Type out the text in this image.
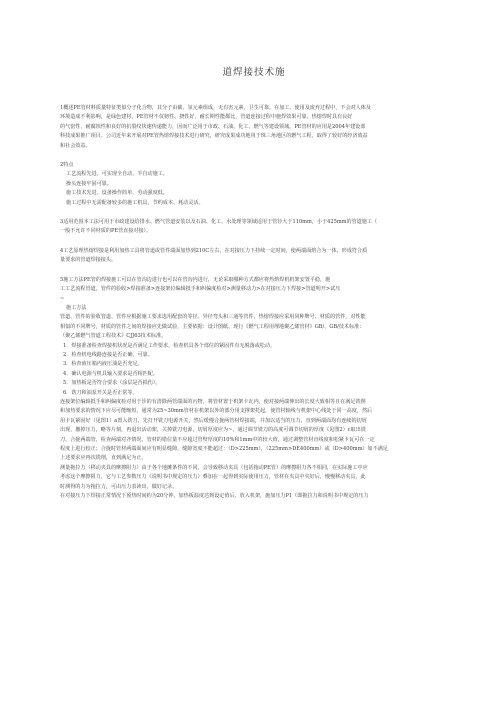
道焊接技术施

1概述PE管材料质量特征类似分子化合物，其分子由碳、氢元素组成，无有害元素，卫生可靠。在加工、使用及废弃过程中，不会对人体及

环境造成不利影响，是绿色建材。PE管材不仅韧性、挠性好，耐长期性能都比，管道连接过程中施焊效果可靠，热熔焊时具有良好

的气密性，耐腐蚀性和良好的抗裂纹快速传递能力，因而广泛用于市政、石油、化工、燃气等建设领域。PE管材的应用是2004年建设部

科技成果推广项目。公司近年来开展对PE管热熔焊接技术进行研究，研究成果成功地用于珠三角地区的燃气工程，取得了较好的经济效益

和社会效益。

2特点

工艺流程先进，可实现全自动，半自动施工。

操头连接牢固可靠。

施工技术先进，设备操作简单，劳动强度低。

施工过程中无需配备较多的施工机具，节约成本、耗动灵活。

3适用范围本工法可用于市政建设给排水、燃气管道安装以及石油、化工、水处理等领域适用于管径大于110mm，小于425mm的管道施工（

一般不允许不同材质的PE管直接对接）。

4工艺原理热熔焊接是利用加热工具将管道或管件端面加热到210C左右，在对接压力下持续一定时间，使两端面熔合为一体，形成符合质

量要求的管道焊接接头。

5施工方法PE管的焊接施工可以在管沟边进行也可以在管沟内进行，无论采取哪种方式都应将热熔焊机机架安置平稳，施

工工艺流程管道，管件的验收>焊接准备>连接架位编辑抵手和纠偏度检对>测量移动力>在对接压力下焊接>管道明开>试压

~

施工方法

管道、管件的验收管道、管件应根据施工要求选用配套的等径、异径弯头和三通等管件，热熔焊接应采用同种牌号、材质的管件，对性能

相似的不同牌号，材质的管件之间的焊接应先做试验，主要依据：设计图纸、现行《燃气工程用埋地聚乙烯管材》GB/、GB/技术标准：

（聚乙烯燃气管道工程技术》CJJ63技术标准。

1．焊接准备检查焊接机状况是否满足工作要求，检查机具各个部位的紧固件有无脱落或松动。

2．检查机电线路连接是否正确，可靠。

3．检查液压箱内液压油是否充足。

4．确认电源与机具输入要求是否相匹配。

5．加热板是否符合要求（涂层是否损伤）。

6．铣刀和油泵开关是否正常等。

连接架位编辑抵手和纠偏度检对用于诊的有清除两管端面的污物，将管材置于机架卡瓦内，使对接两端伸出的长度大致相等且在满足铣削

和加热要求的情况下应尽可能缩短，通常为25~30mm管材在机架以外的部分用支撑架托起，使管材轴线与机架中心线处于同一高度，然后

用卡瓦紧固好（见图1）a置入铣刀，先打开铣刀电源开关，然后缓慢合拢两管材焊接端，并加以适当的压力，直到两端面均有连续的切屑

出现，撤掉压力，略等片刻，再退出活动架，关掉铣刀电源，切屑厚度应为~，通过调节铣刀的高度可调节切屑的厚度《见图2）c取出铣

刀，合拢两端管，检查两端对齐情况，管材的错位量不应超过管壁厚度的10%和1mm中的较大值，通过调整管材直线度和松紧卡瓦可在一定

程度上进行校正；合拢时管材两端面间应有明显缝隙，缝隙宽度不能超过：（D>225mm），（225mm>DE400mm）或（D>400mm）如不满足

上述要求应再次铣削，直到满足为止。

测量拖拉力（移动夹具的摩擦阻力）由于各个地摊条件的不同，会导致移动夹具（包括拖动PE管）的摩擦阻力各不相同，在实际施工中应

考虑这个摩擦阻力，它与工艺参数压力《说明书中规定的压力）叠加在一起得到实际使用压力，管材在夹具中夹好后，慢慢移动夹具，此

时测得的力为拖拉力，可由压力表读出，做好记录。

在对接压力下焊接正常情况下预热时间约为20分钟，加热板温度达到设定值后，放入机架，施加压力P1（即拖拉力和说明书中规定的压力
